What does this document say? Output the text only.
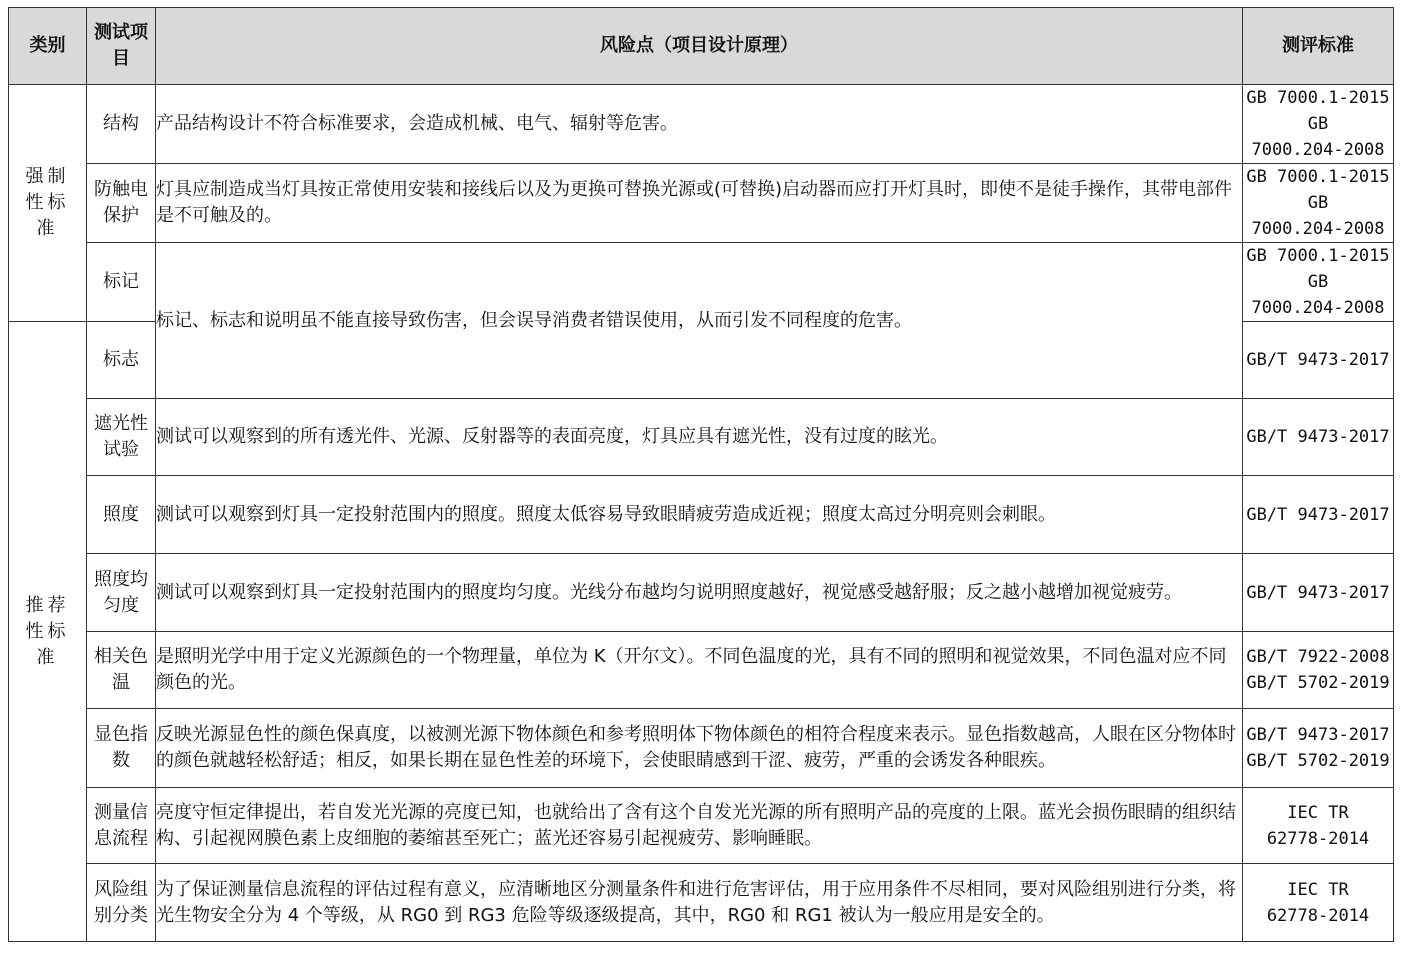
类别	测试项目	风险点（项目设计原理）	测评标准
强制性标准	结构	产品结构设计不符合标准要求，会造成机械、电气、辐射等危害。	GB 7000.1-2015
GB
7000.204-2008

	防触电保护	灯具应制造成当灯具按正常使用安装和接线后以及为更换可替换光源或(可替换)启动器而应打开灯具时，即使不是徒手操作，其带电部件是不可触及的。	GB 7000.1-2015
GB
7000.204-2008

	标记	标记、标志和说明虽不能直接导致伤害，但会误导消费者错误使用，从而引发不同程度的危害。	GB 7000.1-2015
GB
7000.204-2008

推荐性标准	标志		GB/T 9473-2017

	遮光性试验	测试可以观察到的所有透光件、光源、反射器等的表面亮度，灯具应具有遮光性，没有过度的眩光。	GB/T 9473-2017

	照度	测试可以观察到灯具一定投射范围内的照度。照度太低容易导致眼睛疲劳造成近视；照度太高过分明亮则会刺眼。	GB/T 9473-2017

	照度均匀度	测试可以观察到灯具一定投射范围内的照度均匀度。光线分布越均匀说明照度越好，视觉感受越舒服；反之越小越增加视觉疲劳。	GB/T 9473-2017

	相关色温	是照明光学中用于定义光源颜色的一个物理量，单位为 K（开尔文）。不同色温度的光，具有不同的照明和视觉效果，不同色温对应不同颜色的光。	GB/T 7922-2008
GB/T 5702-2019

	显色指数	反映光源显色性的颜色保真度，以被测光源下物体颜色和参考照明体下物体颜色的相符合程度来表示。显色指数越高，人眼在区分物体时的颜色就越轻松舒适；相反，如果长期在显色性差的环境下，会使眼睛感到干涩、疲劳，严重的会诱发各种眼疾。	GB/T 9473-2017
GB/T 5702-2019

	测量信息流程	亮度守恒定律提出，若自发光光源的亮度已知，也就给出了含有这个自发光光源的所有照明产品的亮度的上限。蓝光会损伤眼睛的组织结构、引起视网膜色素上皮细胞的萎缩甚至死亡；蓝光还容易引起视疲劳、影响睡眠。	IEC TR
62778-2014

	风险组别分类	为了保证测量信息流程的评估过程有意义，应清晰地区分测量条件和进行危害评估，用于应用条件不尽相同，要对风险组别进行分类，将光生物安全分为 4 个等级，从 RG0 到 RG3 危险等级逐级提高，其中，RG0 和 RG1 被认为一般应用是安全的。	IEC TR
62778-2014
